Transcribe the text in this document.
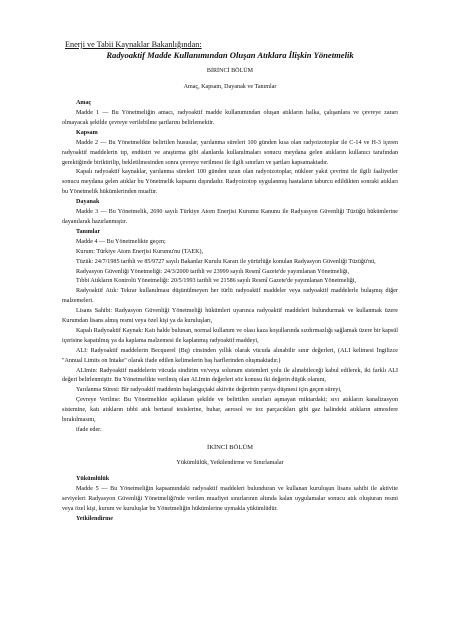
Enerji ve Tabii Kaynaklar Bakanlığından:

Radyoaktif Madde Kullanımından Oluşan Atıklara İlişkin Yönetmelik

BİRİNCİ BÖLÜM

Amaç, Kapsam, Dayanak ve Tanımlar

Amaç

Madde 1 — Bu Yönetmeliğin amacı, radyoaktif madde kullanımından oluşan atıkların halka, çalışanlara ve çevreye zararı olmayacak şekilde çevreye verilebilme şartlarını belirlemektir.

Kapsam

Madde 2 — Bu Yönetmelikte belirtilen hususlar, yarılanma süreleri 100 günden kısa olan radyoizotoplar ile C-14 ve H-3 içeren radyoaktif maddelerin tıp, endüstri ve araştırma gibi alanlarda kullanılmaları sonucu meydana gelen atıkların kullanıcı tarafından gerektiğinde biriktirilip, bekletilmesinden sonra çevreye verilmesi ile ilgili sınırları ve şartları kapsamaktadır.

Kapalı radyoaktif kaynaklar, yarılanma süreleri 100 günden uzun olan radyoizotoplar, nükleer yakıt çevrimi ile ilgili faaliyetler sonucu meydana gelen atıklar bu Yönetmelik kapsamı dışındadır. Radyoizotop uygulanmış hastaların taburcu edildikten sonraki atıkları bu Yönetmelik hükümlerinden muaftır.

Dayanak

Madde 3 — Bu Yönetmelik, 2690 sayılı Türkiye Atom Enerjisi Kurumu Kanunu ile Radyasyon Güvenliği Tüzüğü hükümlerine dayanılarak hazırlanmıştır.

Tanımlar

Madde 4 — Bu Yönetmelikte geçen;

Kurum: Türkiye Atom Enerjisi Kurumu'nu (TAEK),

Tüzük: 24/7/1985 tarihli ve 85/9727 sayılı Bakanlar Kurulu Kararı ile yürürlüğe konulan Radyasyon Güvenliği Tüzüğü'nü,

Radyasyon Güvenliği Yönetmeliği: 24/3/2000 tarihli ve 23999 sayılı Resmî Gazete'de yayımlanan Yönetmeliği,

Tıbbi Atıkların Kontrolü Yönetmeliği: 20/5/1993 tarihli ve 21586 sayılı Resmî Gazete'de yayımlanan Yönetmeliği,

Radyoaktif Atık: Tekrar kullanılması düşünülmeyen her türlü radyoaktif maddeler veya radyoaktif maddelerle bulaşmış diğer malzemeleri.

Lisans Sahibi: Radyasyon Güvenliği Yönetmeliği hükümleri uyarınca radyoaktif maddeleri bulundurmak ve kullanmak üzere Kurumdan lisans almış resmi veya özel kişi ya da kuruluşları,

Kapalı Radyoaktif Kaynak: Katı halde bulunan, normal kullanım ve olası kaza koşullarında sızdırmazlığı sağlamak üzere bir kapsül içerisine kapatılmış ya da kaplama malzemesi ile kaplanmış radyoaktif maddeyi,

ALI: Radyoaktif maddelerin Becquerel (Bq) cinsinden yıllık olarak vücuda alınabilir sınır değerleri, (ALI kelimesi İngilizce "Annual Limits on Intake" olarak ifade edilen kelimelerin baş harflerinden oluşmaktadır.)

ALImin: Radyoaktif maddelerin vücuda sindirim ve/veya solunum sistemleri yolu ile alınabileceği kabul edilerek, iki farklı ALI değeri belirlenmiştir. Bu Yönetmelikte verilmiş olan ALImin değerleri söz konusu iki değerin düşük olanını,

Yarılanma Süresi: Bir radyoaktif maddenin başlangıçtaki aktivite değerinin yarıya düşmesi için geçen süreyi,

Çevreye Verilme: Bu Yönetmelikte açıklanan şekilde ve belirtilen sınırları aşmayan miktardaki; sıvı atıkların kanalizasyon sistemine, katı atıkların tıbbi atık bertaraf tesislerine, buhar, aerosol ve toz parçacıkları gibi gaz halindeki atıkların atmosfere bırakılmasını,

ifade eder.

İKİNCİ BÖLÜM

Yükümlülük, Yetkilendirme ve Sınırlamalar

Yükümlülük

Madde 5 — Bu Yönetmeliğin kapsamındaki radyoaktif maddeleri bulunduran ve kullanan kuruluşun lisans sahibi ile aktivite seviyeleri Radyasyon Güvenliği Yönetmeliği'nde verilen muafiyet sınırlarının altında kalan uygulamalar sonucu atık oluşturan resmi veya özel kişi, kurum ve kuruluşlar bu Yönetmeliğin hükümlerine uymakla yükümlüdür.

Yetkilendirme
